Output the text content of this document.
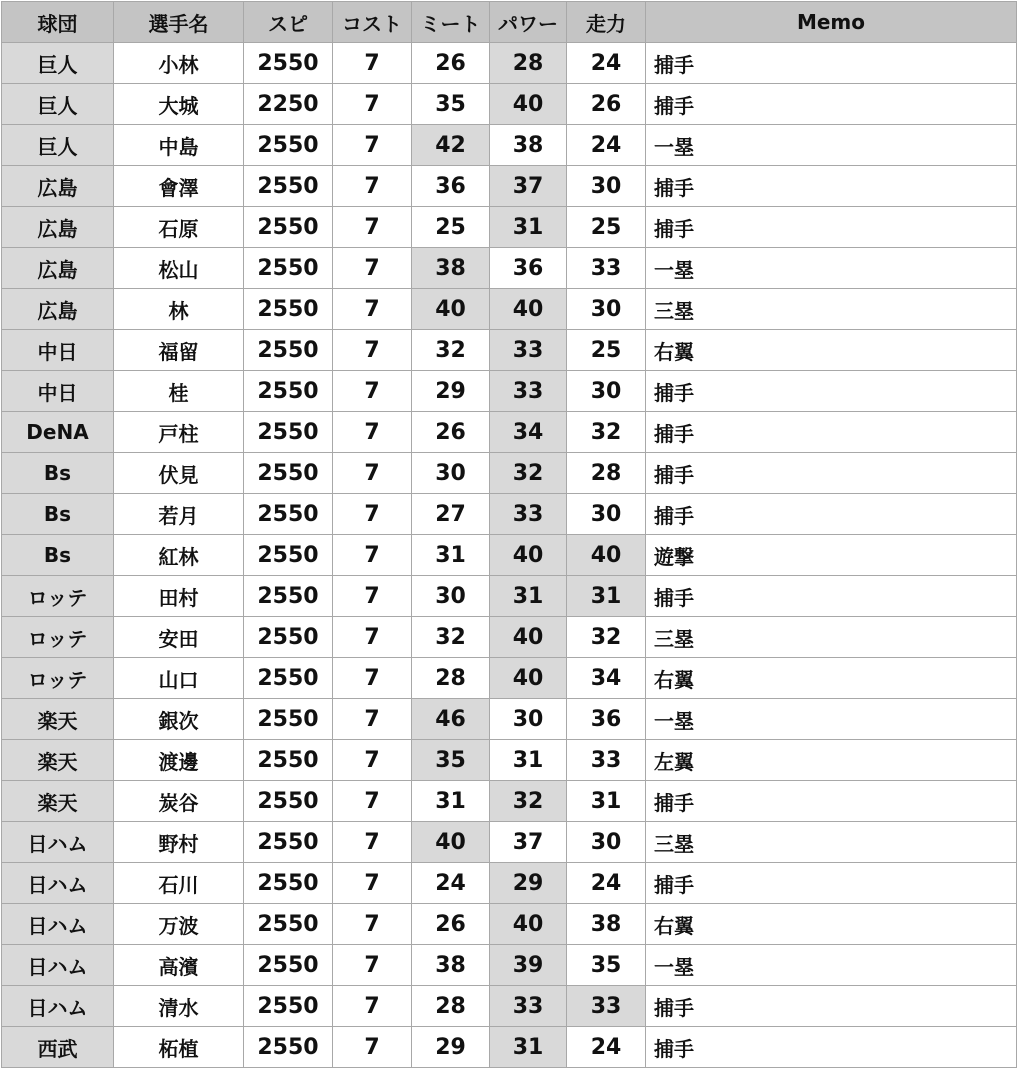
球団	選手名	スピ	コスト	ミート	パワー	走力	Memo
巨人	小林	2550	7	26	28	24	捕手
巨人	大城	2250	7	35	40	26	捕手
巨人	中島	2550	7	42	38	24	一塁
広島	會澤	2550	7	36	37	30	捕手
広島	石原	2550	7	25	31	25	捕手
広島	松山	2550	7	38	36	33	一塁
広島	林	2550	7	40	40	30	三塁
中日	福留	2550	7	32	33	25	右翼
中日	桂	2550	7	29	33	30	捕手
DeNA	戸柱	2550	7	26	34	32	捕手
Bs	伏見	2550	7	30	32	28	捕手
Bs	若月	2550	7	27	33	30	捕手
Bs	紅林	2550	7	31	40	40	遊撃
ロッテ	田村	2550	7	30	31	31	捕手
ロッテ	安田	2550	7	32	40	32	三塁
ロッテ	山口	2550	7	28	40	34	右翼
楽天	銀次	2550	7	46	30	36	一塁
楽天	渡邊	2550	7	35	31	33	左翼
楽天	炭谷	2550	7	31	32	31	捕手
日ハム	野村	2550	7	40	37	30	三塁
日ハム	石川	2550	7	24	29	24	捕手
日ハム	万波	2550	7	26	40	38	右翼
日ハム	高濱	2550	7	38	39	35	一塁
日ハム	清水	2550	7	28	33	33	捕手
西武	柘植	2550	7	29	31	24	捕手
